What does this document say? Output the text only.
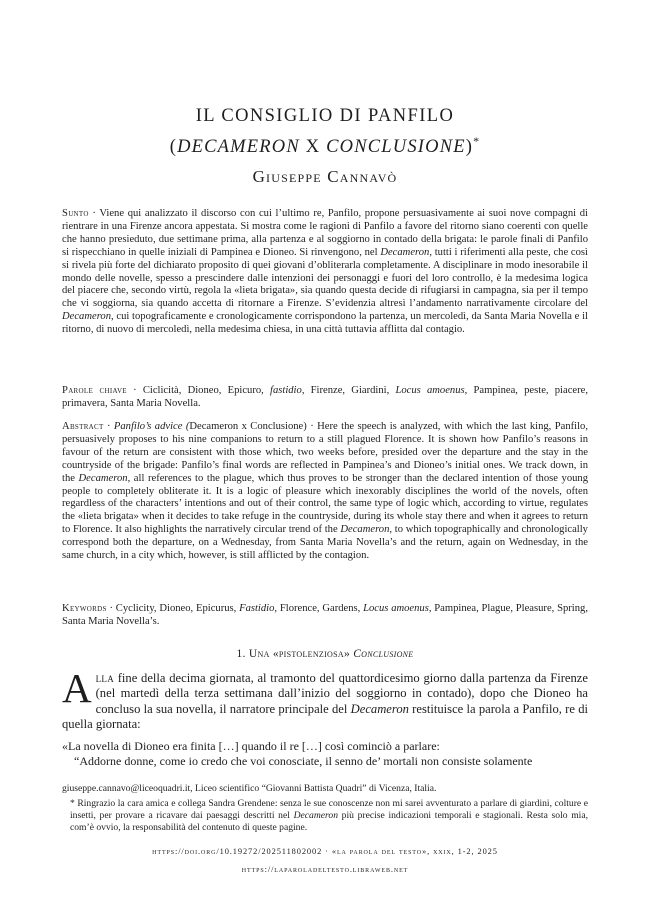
IL CONSIGLIO DI PANFILO
(DECAMERON X CONCLUSIONE)*
Giuseppe Cannavò

Sunto · Viene qui analizzato il discorso con cui l’ultimo re, Panfilo, propone persuasivamente ai suoi nove compagni di rientrare in una Firenze ancora appestata. Si mostra come le ragioni di Panfilo a favore del ritorno siano coerenti con quelle che hanno presieduto, due settimane prima, alla partenza e al soggiorno in contado della brigata: le parole finali di Panfilo si rispecchiano in quelle iniziali di Pampinea e Dioneo. Si rinvengono, nel Decameron, tutti i riferimenti alla peste, che così si rivela più forte del dichiarato proposito di quei giovani d’obliterarla completamente. A disciplinare in modo inesorabile il mondo delle novelle, spesso a prescindere dalle intenzioni dei personaggi e fuori del loro controllo, è la medesima logica del piacere che, secondo virtù, regola la «lieta brigata», sia quando questa decide di rifugiarsi in campagna, sia per il tempo che vi soggiorna, sia quando accetta di ritornare a Firenze. S’evidenzia altresì l’andamento narrativamente circolare del Decameron, cui topograficamente e cronologicamente corrispondono la partenza, un mercoledì, da Santa Maria Novella e il ritorno, di nuovo di mercoledì, nella medesima chiesa, in una città tuttavia afflitta dal contagio.

Parole chiave · Ciclicità, Dioneo, Epicuro, fastidio, Firenze, Giardini, Locus amoenus, Pampinea, peste, piacere, primavera, Santa Maria Novella.

Abstract · Panfilo’s advice (Decameron x Conclusione) · Here the speech is analyzed, with which the last king, Panfilo, persuasively proposes to his nine companions to return to a still plagued Florence. It is shown how Panfilo’s reasons in favour of the return are consistent with those which, two weeks before, presided over the departure and the stay in the countryside of the brigade: Panfilo’s final words are reflected in Pampinea’s and Dioneo’s initial ones. We track down, in the Decameron, all references to the plague, which thus proves to be stronger than the declared intention of those young people to completely obliterate it. It is a logic of pleasure which inexorably disciplines the world of the novels, often regardless of the characters’ intentions and out of their control, the same type of logic which, according to virtue, regulates the «lieta brigata» when it decides to take refuge in the countryside, during its whole stay there and when it agrees to return to Florence. It also highlights the narratively circular trend of the Decameron, to which topographically and chronologically correspond both the departure, on a Wednesday, from Santa Maria Novella’s and the return, again on Wednesday, in the same church, in a city which, however, is still afflicted by the contagion.

Keywords · Cyclicity, Dioneo, Epicurus, Fastidio, Florence, Gardens, Locus amoenus, Pampinea, Plague, Pleasure, Spring, Santa Maria Novella’s.

1. Una «pistolenziosa» Conclusione

Alla fine della decima giornata, al tramonto del quattordicesimo giorno dalla partenza da Firenze (nel martedì della terza settimana dall’inizio del soggiorno in contado), dopo che Dioneo ha concluso la sua novella, il narratore principale del Decameron restituisce la parola a Panfilo, re di quella giornata:

«La novella di Dioneo era finita […] quando il re […] così cominciò a parlare:
“Addorne donne, come io credo che voi conosciate, il senno de’ mortali non consiste solamente

giuseppe.cannavo@liceoquadri.it, Liceo scientifico “Giovanni Battista Quadri” di Vicenza, Italia.

* Ringrazio la cara amica e collega Sandra Grendene: senza le sue conoscenze non mi sarei avventurato a parlare di giardini, colture e insetti, per provare a ricavare dai paesaggi descritti nel Decameron più precise indicazioni temporali e stagionali. Resta solo mia, com’è ovvio, la responsabilità del contenuto di queste pagine.

https://doi.org/10.19272/202511802002 · «la parola del testo», xxix, 1-2, 2025
https://laparoladeltesto.libraweb.net
